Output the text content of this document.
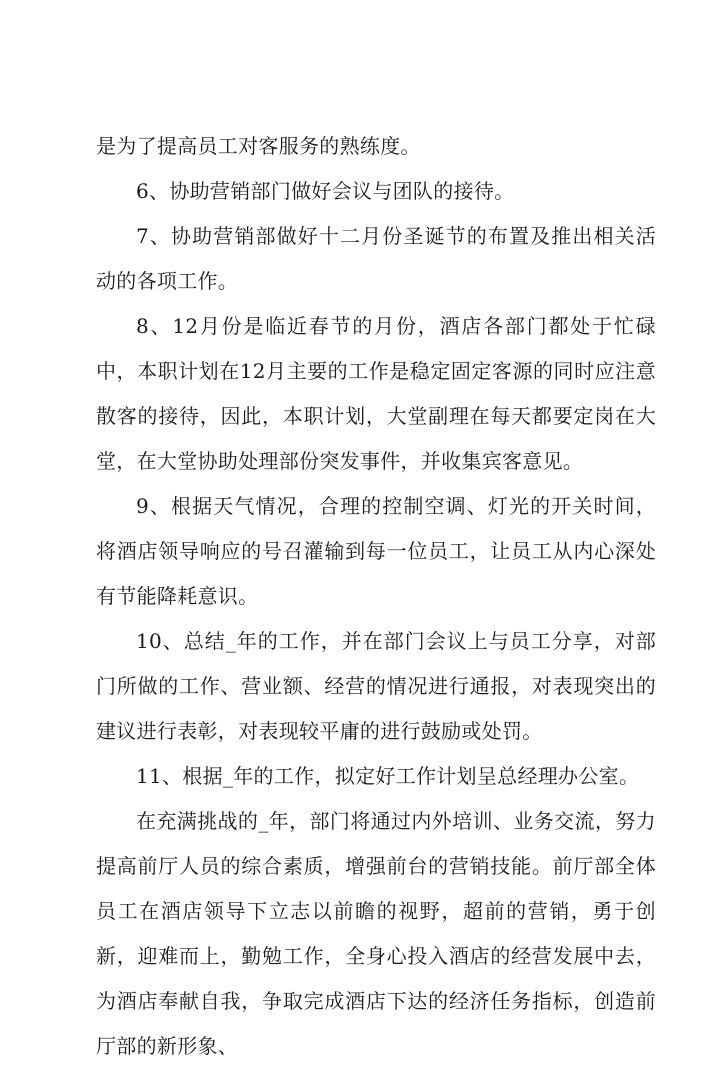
是为了提高员工对客服务的熟练度。

6、协助营销部门做好会议与团队的接待。

7、协助营销部做好十二月份圣诞节的布置及推出相关活动的各项工作。

8、12月份是临近春节的月份，酒店各部门都处于忙碌中，本职计划在12月主要的工作是稳定固定客源的同时应注意散客的接待，因此，本职计划，大堂副理在每天都要定岗在大堂，在大堂协助处理部份突发事件，并收集宾客意见。

9、根据天气情况，合理的控制空调、灯光的开关时间，将酒店领导响应的号召灌输到每一位员工，让员工从内心深处有节能降耗意识。

10、总结_年的工作，并在部门会议上与员工分享，对部门所做的工作、营业额、经营的情况进行通报，对表现突出的建议进行表彰，对表现较平庸的进行鼓励或处罚。

11、根据_年的工作，拟定好工作计划呈总经理办公室。

在充满挑战的_年，部门将通过内外培训、业务交流，努力提高前厅人员的综合素质，增强前台的营销技能。前厅部全体员工在酒店领导下立志以前瞻的视野，超前的营销，勇于创新，迎难而上，勤勉工作，全身心投入酒店的经营发展中去，为酒店奉献自我，争取完成酒店下达的经济任务指标，创造前厅部的新形象、
